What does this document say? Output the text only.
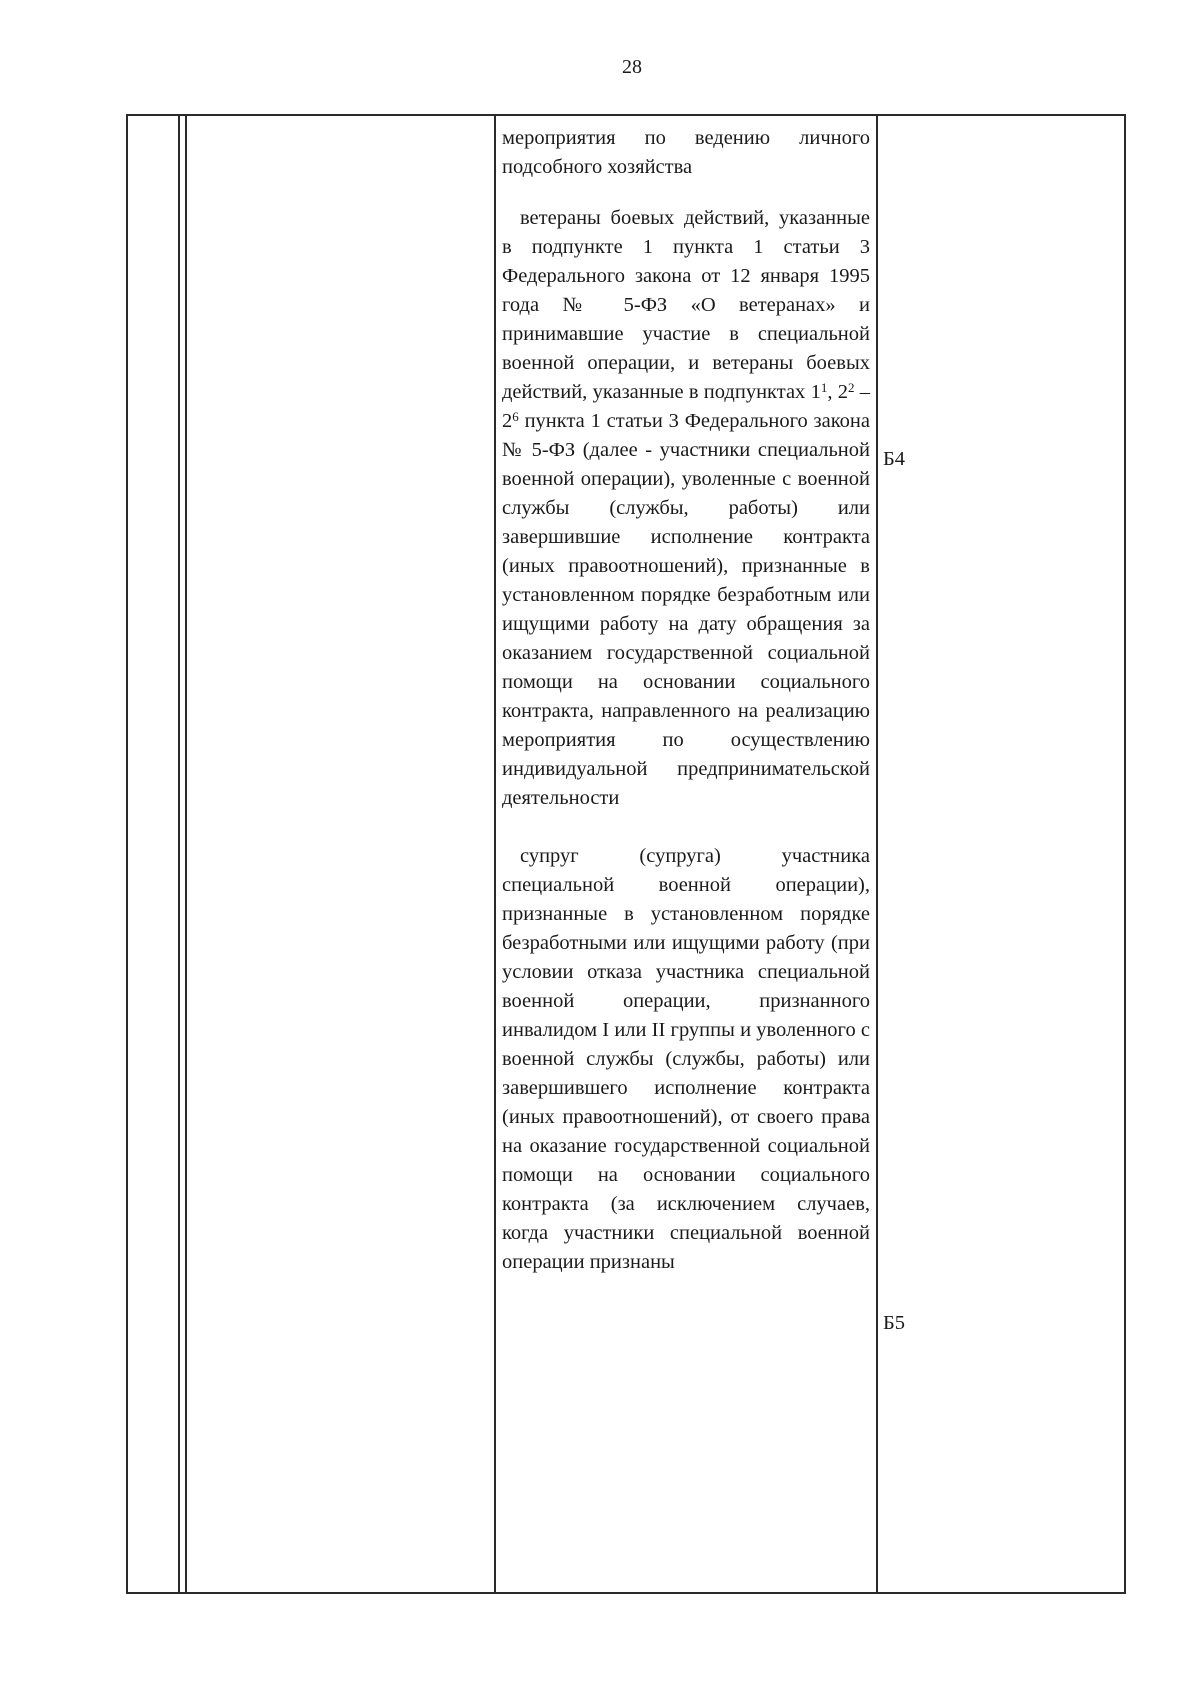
28

мероприятия по ведению личного подсобного хозяйства

ветераны боевых действий, указанные в подпункте 1 пункта 1 статьи 3 Федерального закона от 12 января 1995 года № 5-ФЗ «О ветеранах» и принимавшие участие в специальной военной операции, и ветераны боевых действий, указанные в подпунктах $1^1$, $2^2 - 2^6$ пункта 1 статьи 3 Федерального закона № 5-ФЗ (далее - участники специальной военной операции), уволенные с военной службы (службы, работы) или завершившие исполнение контракта (иных правоотношений), признанные в установленном порядке безработным или ищущими работу на дату обращения за оказанием государственной социальной помощи на основании социального контракта, направленного на реализацию мероприятия по осуществлению индивидуальной предпринимательской деятельности

супруг (супруга) участника специальной военной операции), признанные в установленном порядке безработными или ищущими работу (при условии отказа участника специальной военной операции, признанного инвалидом I или II группы и уволенного с военной службы (службы, работы) или завершившего исполнение контракта (иных правоотношений), от своего права на оказание государственной социальной помощи на основании социального контракта (за исключением случаев, когда участники специальной военной операции признаны

Б4
Б5
